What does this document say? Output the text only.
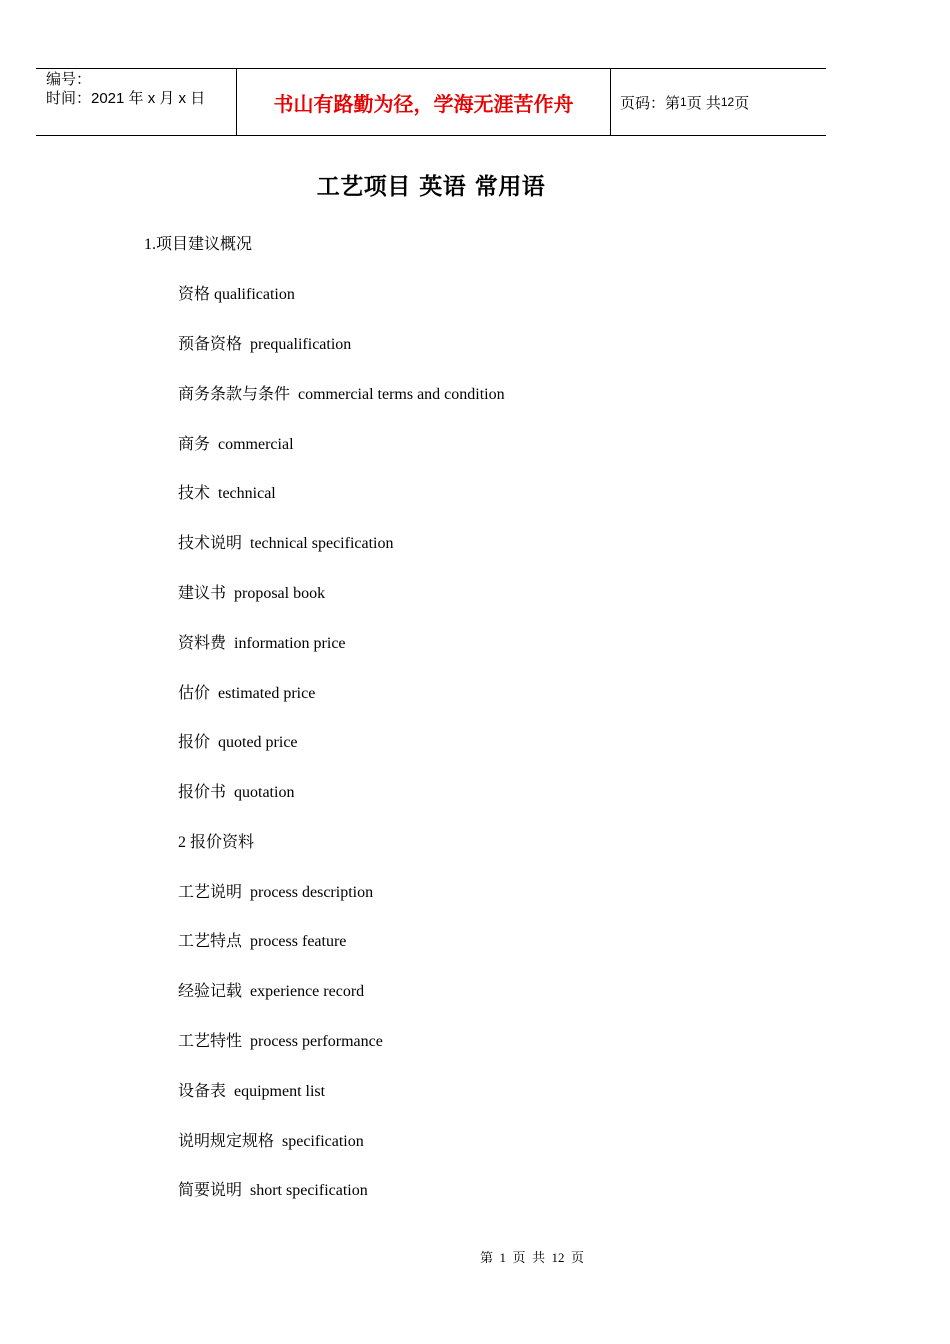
编号：
时间：2021 年 x 月 x 日	书山有路勤为径，学海无涯苦作舟	页码：第 1 页 共 12 页
工艺项目 英语 常用语
1.项目建议概况
资格 qualification
预备资格  prequalification
商务条款与条件  commercial terms and condition
商务  commercial
技术  technical
技术说明  technical specification
建议书  proposal book
资料费  information price
估价  estimated price
报价  quoted price
报价书  quotation
2 报价资料
工艺说明  process description
工艺特点  process feature
经验记载  experience record
工艺特性  process performance
设备表  equipment list
说明规定规格  specification
简要说明  short specification
第  1  页  共  12  页
